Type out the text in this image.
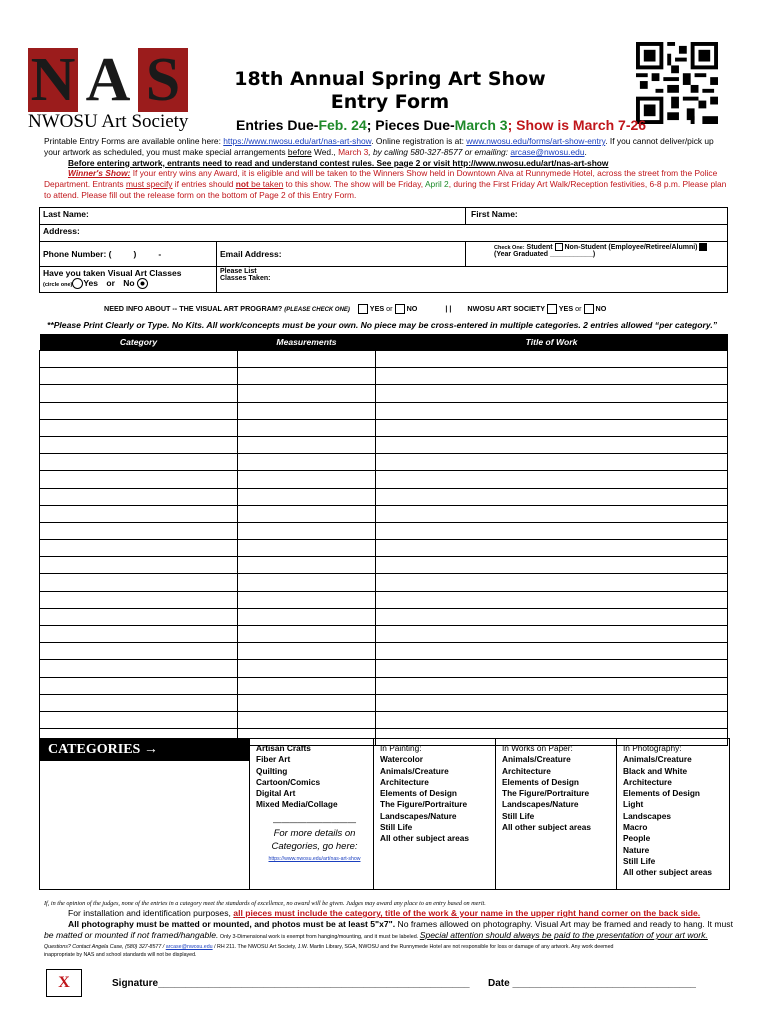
N A S
NWOSU Art Society
18th Annual Spring Art Show
Entry Form
Entries Due-Feb. 24; Pieces Due-March 3; Show is March 7-26
Printable Entry Forms are available online here: https://www.nwosu.edu/art/nas-art-show. Online registration is at: www.nwosu.edu/forms/art-show-entry. If you cannot deliver/pick up
your artwork as scheduled, you must make special arrangements before Wed., March 3, by calling 580-327-8577 or emailing: arcase@nwosu.edu.
Before entering artwork, entrants need to read and understand contest rules. See page 2 or visit http://www.nwosu.edu/art/nas-art-show
Winner's Show: If your entry wins any Award, it is eligible and will be taken to the Winners Show held in Downtown Alva at Runnymede Hotel, across the street from the Police
Department. Entrants must specify if entries should not be taken to this show. The show will be Friday, April 2, during the First Friday Art Walk/Reception festivities, 6-8 p.m. Please plan
to attend. Please fill out the release form on the bottom of Page 2 of this Entry Form.
Last Name:		First Name:
Address:		
Phone Number: ( ) -	Email Address:	Check One: Student Non-Student (Employee/Retiree/Alumni)
(Year Graduated ___________)
Have you taken Visual Art Classes
(circle one) Yes or No	Please List
Classes Taken:	
NEED INFO ABOUT -- THE VISUAL ART PROGRAM? (PLEASE CHECK ONE)	YES or NO	| | NWOSU ART SOCIETY YES or NO
**Please Print Clearly or Type. No Kits. All work/concepts must be your own. No piece may be cross-entered in multiple categories. 2 entries allowed “per category.”
Category	Measurements	Title of Work

CATEGORIES →	Artisan Crafts
Fiber Art
Quilting
Cartoon/Comics
Digital Art
Mixed Media/Collage
——————————
For more details on
Categories, go here:
https://www.nwosu.edu/art/nas-art-show
In Painting:
Watercolor
Animals/Creature
Architecture
Elements of Design
The Figure/Portraiture
Landscapes/Nature
Still Life
All other subject areas
In Works on Paper:
Animals/Creature
Architecture
Elements of Design
The Figure/Portraiture
Landscapes/Nature
Still Life
All other subject areas
In Photography:
Animals/Creature
Black and White
Architecture
Elements of Design
Light
Landscapes
Macro
People
Nature
Still Life
All other subject areas
If, in the opinion of the judges, none of the entries in a category meet the standards of excellence, no award will be given. Judges may award any place to an entry based on merit.
For installation and identification purposes, all pieces must include the category, title of the work & your name in the upper right hand corner on the back side.
All photography must be matted or mounted, and photos must be at least 5"x7". No frames allowed on photography. Visual Art may be framed and ready to hang. It must
be matted or mounted if not framed/hangable. Only 3-Dimensional work is exempt from hanging/mounting, and it must be labeled. Special attention should always be paid to the presentation of your art work.
Questions? Contact Angela Case, (580) 327-8577 / arcase@nwosu.edu / RH 211. The NWOSU Art Society, J.W. Martin Library, SGA, NWOSU and the Runnymede Hotel are not responsible for loss or damage of any artwork. Any work deemed
inappropriate by NAS and school standards will not be displayed.
X	Signature________________________________________________________ Date _________________________________
